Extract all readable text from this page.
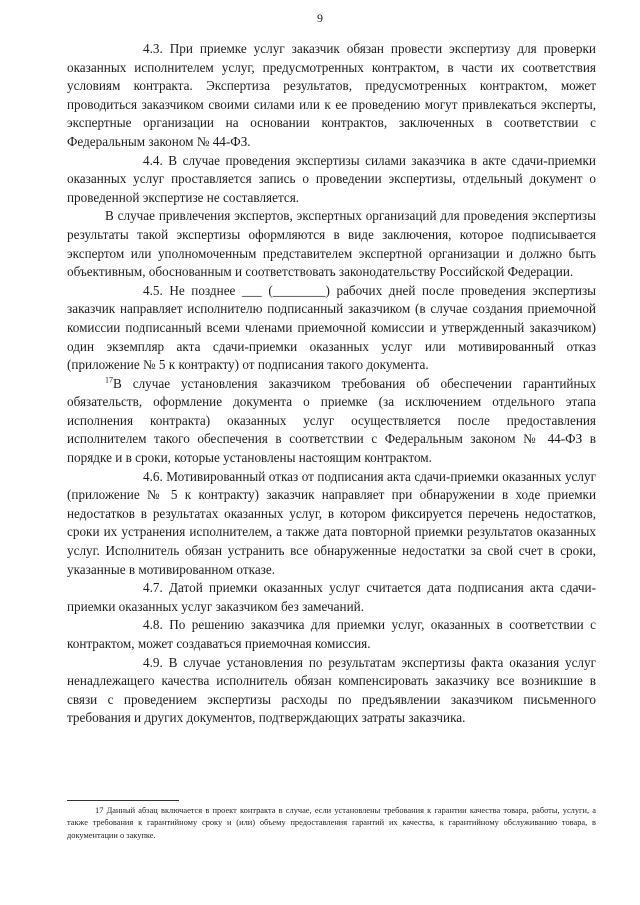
9

4.3. При приемке услуг заказчик обязан провести экспертизу для проверки оказанных исполнителем услуг, предусмотренных контрактом, в части их соответствия условиям контракта. Экспертиза результатов, предусмотренных контрактом, может проводиться заказчиком своими силами или к ее проведению могут привлекаться эксперты, экспертные организации на основании контрактов, заключенных в соответствии с Федеральным законом № 44-ФЗ.

4.4. В случае проведения экспертизы силами заказчика в акте сдачи-приемки оказанных услуг проставляется запись о проведении экспертизы, отдельный документ о проведенной экспертизе не составляется.

В случае привлечения экспертов, экспертных организаций для проведения экспертизы результаты такой экспертизы оформляются в виде заключения, которое подписывается экспертом или уполномоченным представителем экспертной организации и должно быть объективным, обоснованным и соответствовать законодательству Российской Федерации.

4.5. Не позднее ___ (________) рабочих дней после проведения экспертизы заказчик направляет исполнителю подписанный заказчиком (в случае создания приемочной комиссии подписанный всеми членами приемочной комиссии и утвержденный заказчиком) один экземпляр акта сдачи-приемки оказанных услуг или мотивированный отказ (приложение № 5 к контракту) от подписания такого документа.

$^{17}$В случае установления заказчиком требования об обеспечении гарантийных обязательств, оформление документа о приемке (за исключением отдельного этапа исполнения контракта) оказанных услуг осуществляется после предоставления исполнителем такого обеспечения в соответствии с Федеральным законом № 44-ФЗ в порядке и в сроки, которые установлены настоящим контрактом.

4.6. Мотивированный отказ от подписания акта сдачи-приемки оказанных услуг (приложение № 5 к контракту) заказчик направляет при обнаружении в ходе приемки недостатков в результатах оказанных услуг, в котором фиксируется перечень недостатков, сроки их устранения исполнителем, а также дата повторной приемки результатов оказанных услуг. Исполнитель обязан устранить все обнаруженные недостатки за свой счет в сроки, указанные в мотивированном отказе.

4.7. Датой приемки оказанных услуг считается дата подписания акта сдачи-приемки оказанных услуг заказчиком без замечаний.

4.8. По решению заказчика для приемки услуг, оказанных в соответствии с контрактом, может создаваться приемочная комиссия.

4.9. В случае установления по результатам экспертизы факта оказания услуг ненадлежащего качества исполнитель обязан компенсировать заказчику все возникшие в связи с проведением экспертизы расходы по предъявлении заказчиком письменного требования и других документов, подтверждающих затраты заказчика.

17 Данный абзац включается в проект контракта в случае, если установлены требования к гарантии качества товара, работы, услуги, а также требования к гарантийному сроку и (или) объему предоставления гарантий их качества, к гарантийному обслуживанию товара, в документации о закупке.
